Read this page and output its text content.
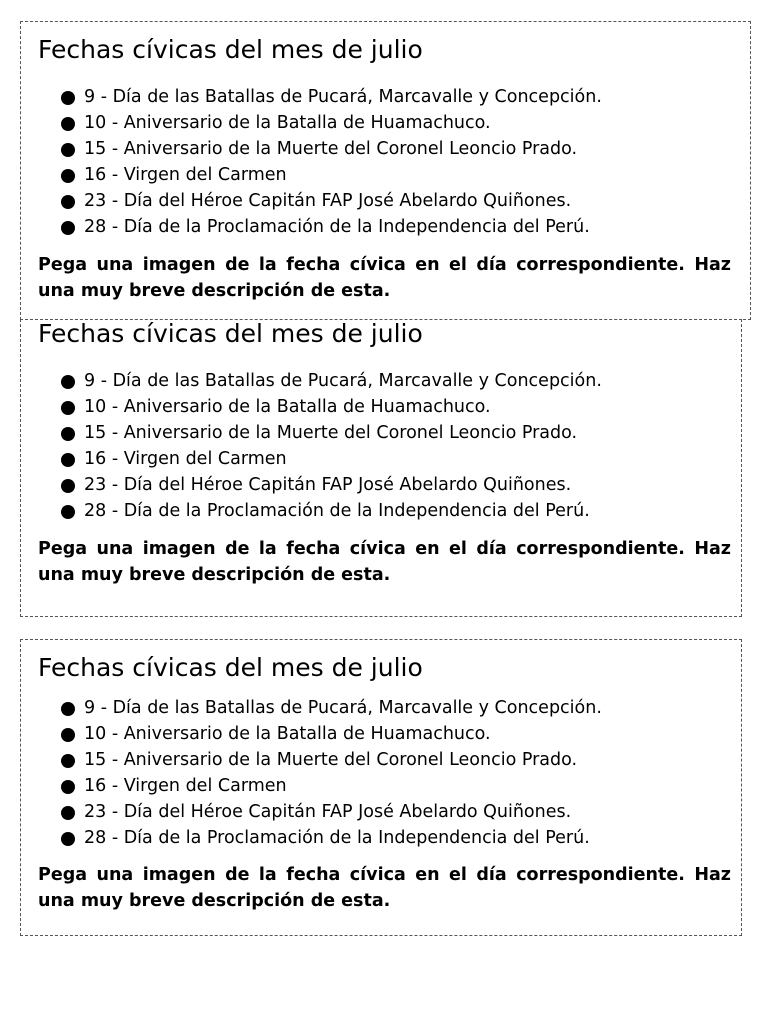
Fechas cívicas del mes de julio
9 - Día de las Batallas de Pucará, Marcavalle y Concepción.
10 - Aniversario de la Batalla de Huamachuco.
15 - Aniversario de la Muerte del Coronel Leoncio Prado.
16 - Virgen del Carmen
23 - Día del Héroe Capitán FAP José Abelardo Quiñones.
28 - Día de la Proclamación de la Independencia del Perú.

Pega una imagen de la fecha cívica en el día correspondiente. Haz una muy breve descripción de esta.

Fechas cívicas del mes de julio
9 - Día de las Batallas de Pucará, Marcavalle y Concepción.
10 - Aniversario de la Batalla de Huamachuco.
15 - Aniversario de la Muerte del Coronel Leoncio Prado.
16 - Virgen del Carmen
23 - Día del Héroe Capitán FAP José Abelardo Quiñones.
28 - Día de la Proclamación de la Independencia del Perú.

Pega una imagen de la fecha cívica en el día correspondiente. Haz una muy breve descripción de esta.

Fechas cívicas del mes de julio
9 - Día de las Batallas de Pucará, Marcavalle y Concepción.
10 - Aniversario de la Batalla de Huamachuco.
15 - Aniversario de la Muerte del Coronel Leoncio Prado.
16 - Virgen del Carmen
23 - Día del Héroe Capitán FAP José Abelardo Quiñones.
28 - Día de la Proclamación de la Independencia del Perú.

Pega una imagen de la fecha cívica en el día correspondiente. Haz una muy breve descripción de esta.
